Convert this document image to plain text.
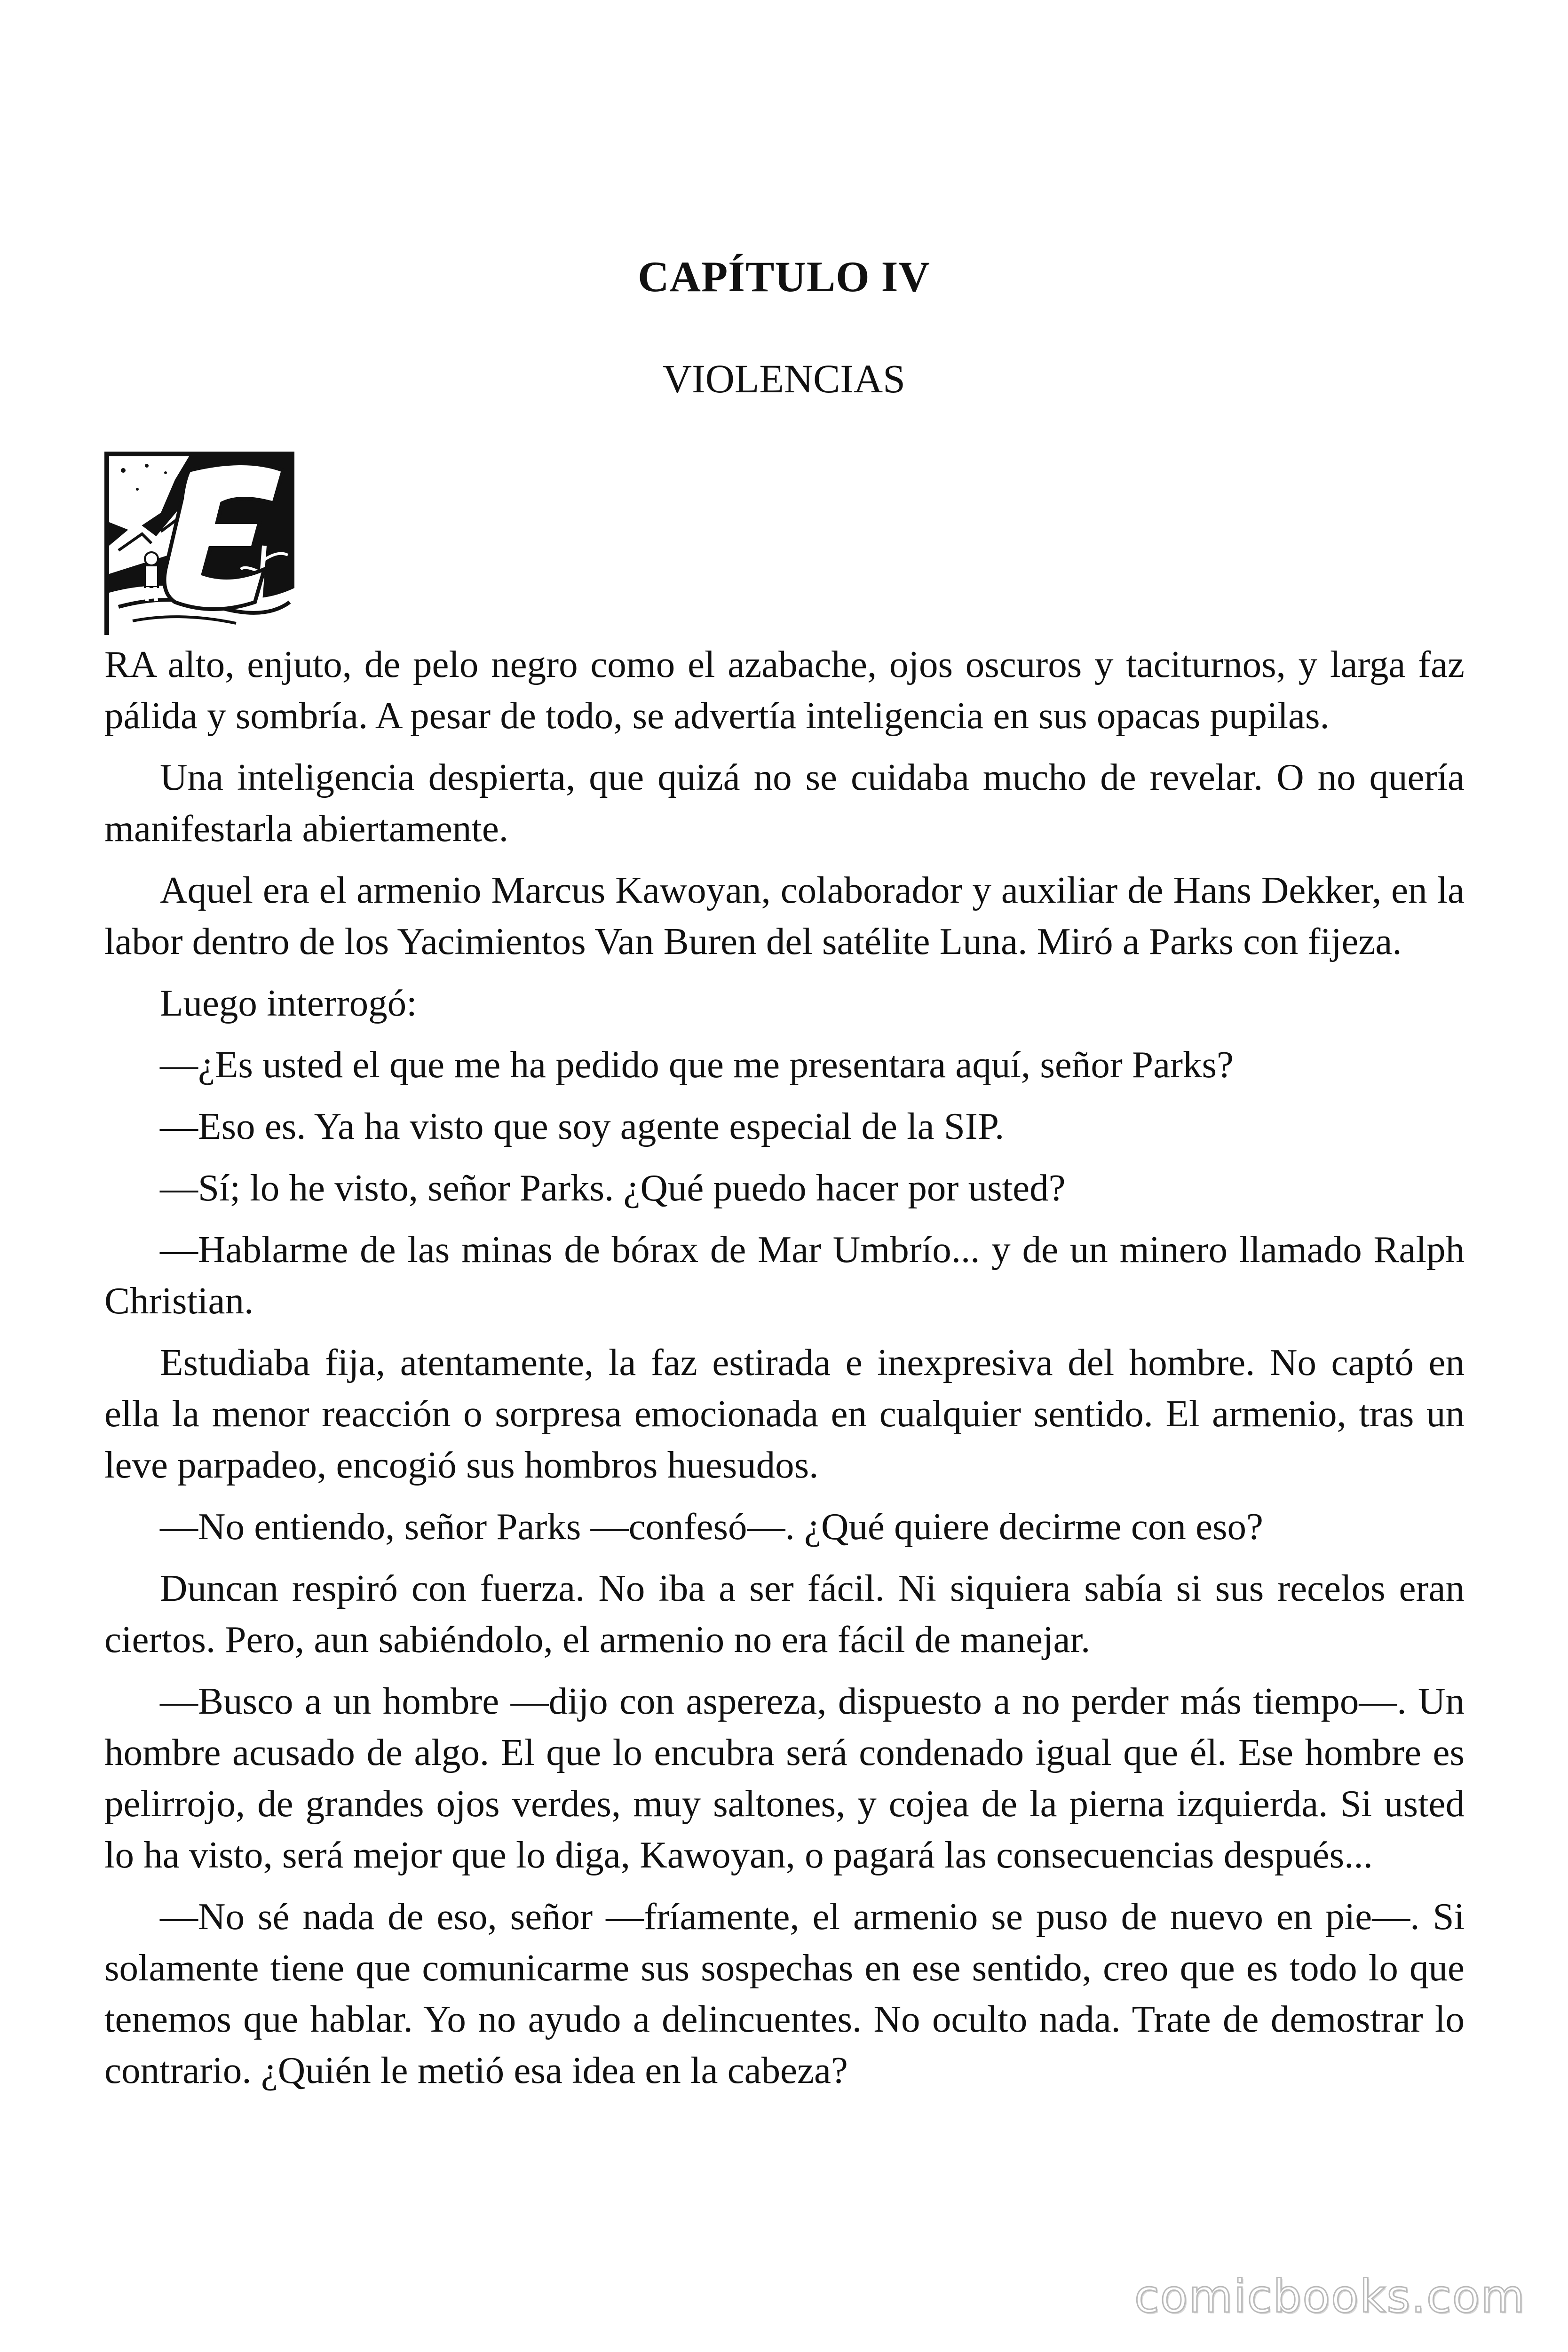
CAPÍTULO IV
VIOLENCIAS

RA alto, enjuto, de pelo negro como el azabache, ojos oscuros y taciturnos, y larga faz pálida y sombría. A pesar de todo, se advertía inteligencia en sus opacas pupilas.

Una inteligencia despierta, que quizá no se cuidaba mucho de revelar. O no quería manifestarla abiertamente.

Aquel era el armenio Marcus Kawoyan, colaborador y auxiliar de Hans Dekker, en la labor dentro de los Yacimientos Van Buren del satélite Luna. Miró a Parks con fijeza.

Luego interrogó:

—¿Es usted el que me ha pedido que me presentara aquí, señor Parks?

—Eso es. Ya ha visto que soy agente especial de la SIP.

—Sí; lo he visto, señor Parks. ¿Qué puedo hacer por usted?

—Hablarme de las minas de bórax de Mar Umbrío... y de un minero llamado Ralph Christian.

Estudiaba fija, atentamente, la faz estirada e inexpresiva del hombre. No captó en ella la menor reacción o sorpresa emocionada en cualquier sentido. El armenio, tras un leve parpadeo, encogió sus hombros huesudos.

—No entiendo, señor Parks —confesó—. ¿Qué quiere decirme con eso?

Duncan respiró con fuerza. No iba a ser fácil. Ni siquiera sabía si sus recelos eran ciertos. Pero, aun sabiéndolo, el armenio no era fácil de manejar.

—Busco a un hombre —dijo con aspereza, dispuesto a no perder más tiempo—. Un hombre acusado de algo. El que lo encubra será condenado igual que él. Ese hombre es pelirrojo, de grandes ojos verdes, muy saltones, y cojea de la pierna izquierda. Si usted lo ha visto, será mejor que lo diga, Kawoyan, o pagará las consecuencias después...

—No sé nada de eso, señor —fríamente, el armenio se puso de nuevo en pie—. Si solamente tiene que comunicarme sus sospechas en ese sentido, creo que es todo lo que tenemos que hablar. Yo no ayudo a delincuentes. No oculto nada. Trate de demostrar lo contrario. ¿Quién le metió esa idea en la cabeza?

comicbooks.com
